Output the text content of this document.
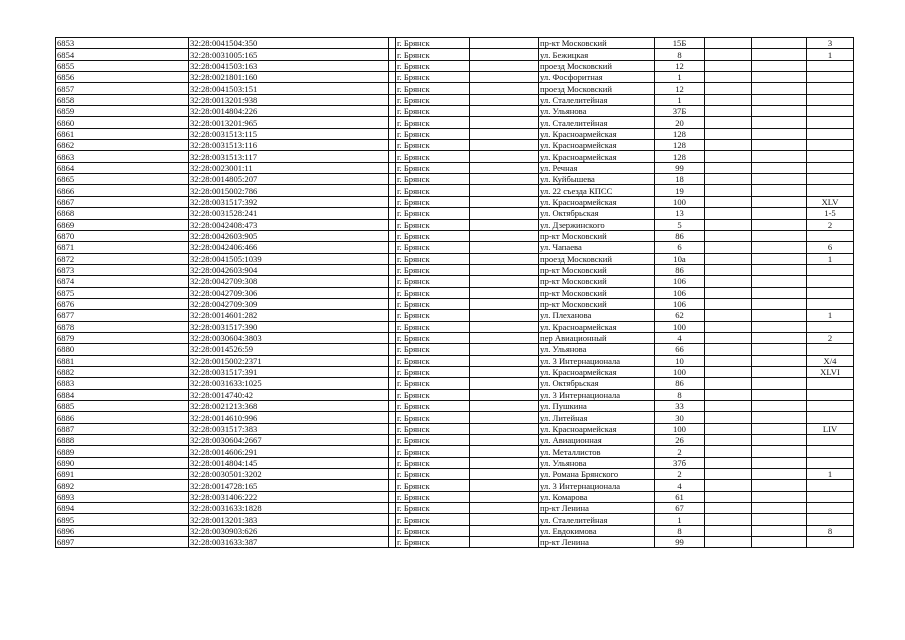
6853	32:28:0041504:350		г. Брянск		пр-кт Московский	15Б			3
6854	32:28:0031005:165		г. Брянск		ул. Бежицкая	8			1
6855	32:28:0041503:163		г. Брянск		проезд Московский	12			
6856	32:28:0021801:160		г. Брянск		ул. Фосфоритная	1			
6857	32:28:0041503:151		г. Брянск		проезд Московский	12			
6858	32:28:0013201:938		г. Брянск		ул. Сталелитейная	1			
6859	32:28:0014804:226		г. Брянск		ул. Ульянова	37Б			
6860	32:28:0013201:965		г. Брянск		ул. Сталелитейная	20			
6861	32:28:0031513:115		г. Брянск		ул. Красноармейская	128			
6862	32:28:0031513:116		г. Брянск		ул. Красноармейская	128			
6863	32:28:0031513:117		г. Брянск		ул. Красноармейская	128			
6864	32:28:0023001:11		г. Брянск		ул. Речная	99			
6865	32:28:0014805:207		г. Брянск		ул. Куйбышева	18			
6866	32:28:0015002:786		г. Брянск		ул. 22 съезда КПСС	19			
6867	32:28:0031517:392		г. Брянск		ул. Красноармейская	100			XLV
6868	32:28:0031528:241		г. Брянск		ул. Октябрьская	13			1-5
6869	32:28:0042408:473		г. Брянск		ул. Дзержинского	5			2
6870	32:28:0042603:905		г. Брянск		пр-кт Московский	86			
6871	32:28:0042406:466		г. Брянск		ул. Чапаева	6			6
6872	32:28:0041505:1039		г. Брянск		проезд Московский	10а			1
6873	32:28:0042603:904		г. Брянск		пр-кт Московский	86			
6874	32:28:0042709:308		г. Брянск		пр-кт Московский	106			
6875	32:28:0042709:306		г. Брянск		пр-кт Московский	106			
6876	32:28:0042709:309		г. Брянск		пр-кт Московский	106			
6877	32:28:0014601:282		г. Брянск		ул. Плеханова	62			1
6878	32:28:0031517:390		г. Брянск		ул. Красноармейская	100			
6879	32:28:0030604:3803		г. Брянск		пер Авиационный	4			2
6880	32:28:0014526:59		г. Брянск		ул. Ульянова	66			
6881	32:28:0015002:2371		г. Брянск		ул. 3 Интернационала	10			X/4
6882	32:28:0031517:391		г. Брянск		ул. Красноармейская	100			XLVI
6883	32:28:0031633:1025		г. Брянск		ул. Октябрьская	86			
6884	32:28:0014740:42		г. Брянск		ул. 3 Интернационала	8			
6885	32:28:0021213:368		г. Брянск		ул. Пушкина	33			
6886	32:28:0014610:996		г. Брянск		ул. Литейная	30			
6887	32:28:0031517:383		г. Брянск		ул. Красноармейская	100			LIV
6888	32:28:0030604:2667		г. Брянск		ул. Авиационная	26			
6889	32:28:0014606:291		г. Брянск		ул. Металлистов	2			
6890	32:28:0014804:145		г. Брянск		ул. Ульянова	37б			
6891	32:28:0030501:3202		г. Брянск		ул. Романа Брянского	2			1
6892	32:28:0014728:165		г. Брянск		ул. 3 Интернационала	4			
6893	32:28:0031406:222		г. Брянск		ул. Комарова	61			
6894	32:28:0031633:1828		г. Брянск		пр-кт Ленина	67			
6895	32:28:0013201:383		г. Брянск		ул. Сталелитейная	1			
6896	32:28:0030903:626		г. Брянск		ул. Евдокимова	8			8
6897	32:28:0031633:387		г. Брянск		пр-кт Ленина	99			
